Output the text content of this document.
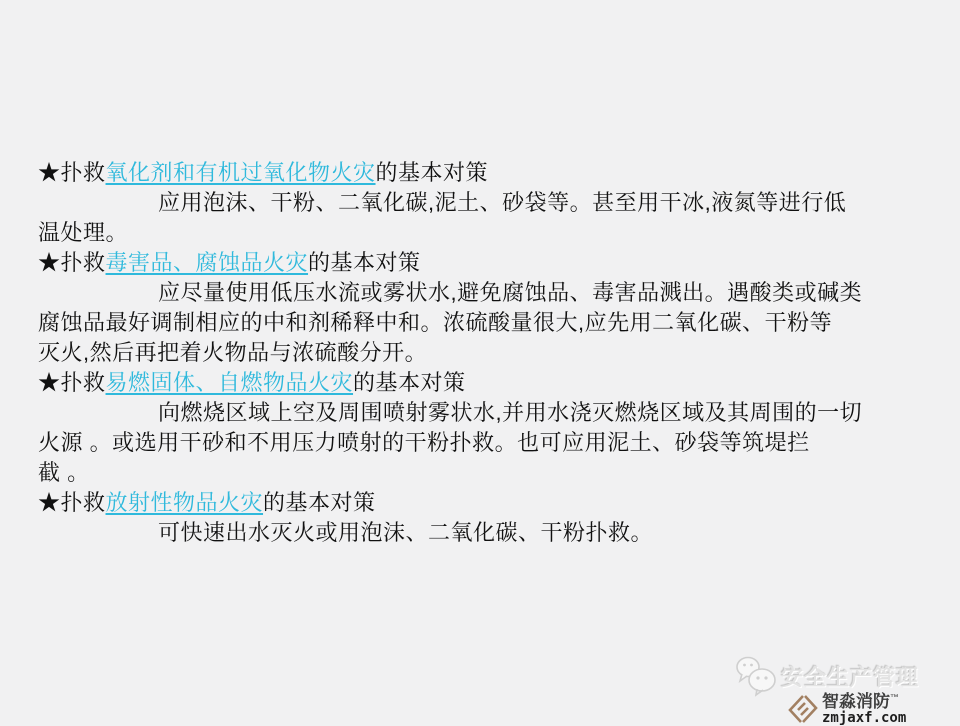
★扑救氧化剂和有机过氧化物火灾的基本对策
应用泡沫、干粉、二氧化碳,泥土、砂袋等。甚至用干冰,液氮等进行低
温处理。
★扑救毒害品、腐蚀品火灾的基本对策
应尽量使用低压水流或雾状水,避免腐蚀品、毒害品溅出。遇酸类或碱类
腐蚀品最好调制相应的中和剂稀释中和。浓硫酸量很大,应先用二氧化碳、干粉等
灭火,然后再把着火物品与浓硫酸分开。
★扑救易燃固体、自燃物品火灾的基本对策
向燃烧区域上空及周围喷射雾状水,并用水浇灭燃烧区域及其周围的一切
火源 。或选用干砂和不用压力喷射的干粉扑救。也可应用泥土、砂袋等筑堤拦
截 。
★扑救放射性物品火灾的基本对策
可快速出水灭火或用泡沫、二氧化碳、干粉扑救。
安全生产管理
智淼消防™
zmjaxf.com
